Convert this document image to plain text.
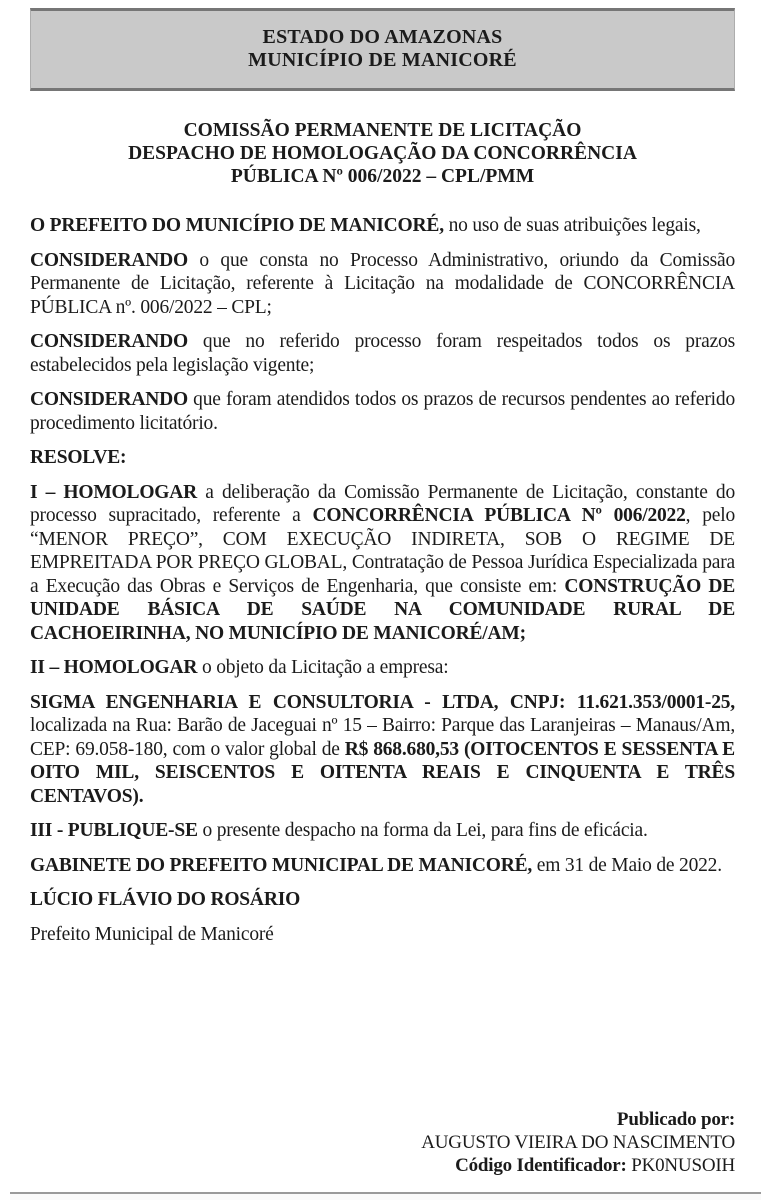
ESTADO DO AMAZONAS
MUNICÍPIO DE MANICORÉ
COMISSÃO PERMANENTE DE LICITAÇÃO
DESPACHO DE HOMOLOGAÇÃO DA CONCORRÊNCIA
PÚBLICA Nº 006/2022 – CPL/PMM

O PREFEITO DO MUNICÍPIO DE MANICORÉ, no uso de suas atribuições legais,

CONSIDERANDO o que consta no Processo Administrativo, oriundo da Comissão Permanente de Licitação, referente à Licitação na modalidade de CONCORRÊNCIA PÚBLICA nº. 006/2022 – CPL;

CONSIDERANDO que no referido processo foram respeitados todos os prazos estabelecidos pela legislação vigente;

CONSIDERANDO que foram atendidos todos os prazos de recursos pendentes ao referido procedimento licitatório.

RESOLVE:

I – HOMOLOGAR a deliberação da Comissão Permanente de Licitação, constante do processo supracitado, referente a CONCORRÊNCIA PÚBLICA Nº 006/2022, pelo “MENOR PREÇO”, COM EXECUÇÃO INDIRETA, SOB O REGIME DE EMPREITADA POR PREÇO GLOBAL, Contratação de Pessoa Jurídica Especializada para a Execução das Obras e Serviços de Engenharia, que consiste em: CONSTRUÇÃO DE UNIDADE BÁSICA DE SAÚDE NA COMUNIDADE RURAL DE CACHOEIRINHA, NO MUNICÍPIO DE MANICORÉ/AM;

II – HOMOLOGAR o objeto da Licitação a empresa:

SIGMA ENGENHARIA E CONSULTORIA - LTDA, CNPJ: 11.621.353/0001-25, localizada na Rua: Barão de Jaceguai nº 15 – Bairro: Parque das Laranjeiras – Manaus/Am, CEP: 69.058-180, com o valor global de R$ 868.680,53 (OITOCENTOS E SESSENTA E OITO MIL, SEISCENTOS E OITENTA REAIS E CINQUENTA E TRÊS CENTAVOS).

III - PUBLIQUE-SE o presente despacho na forma da Lei, para fins de eficácia.

GABINETE DO PREFEITO MUNICIPAL DE MANICORÉ, em 31 de Maio de 2022.

LÚCIO FLÁVIO DO ROSÁRIO

Prefeito Municipal de Manicoré

Publicado por:
AUGUSTO VIEIRA DO NASCIMENTO
Código Identificador: PK0NUSOIH
